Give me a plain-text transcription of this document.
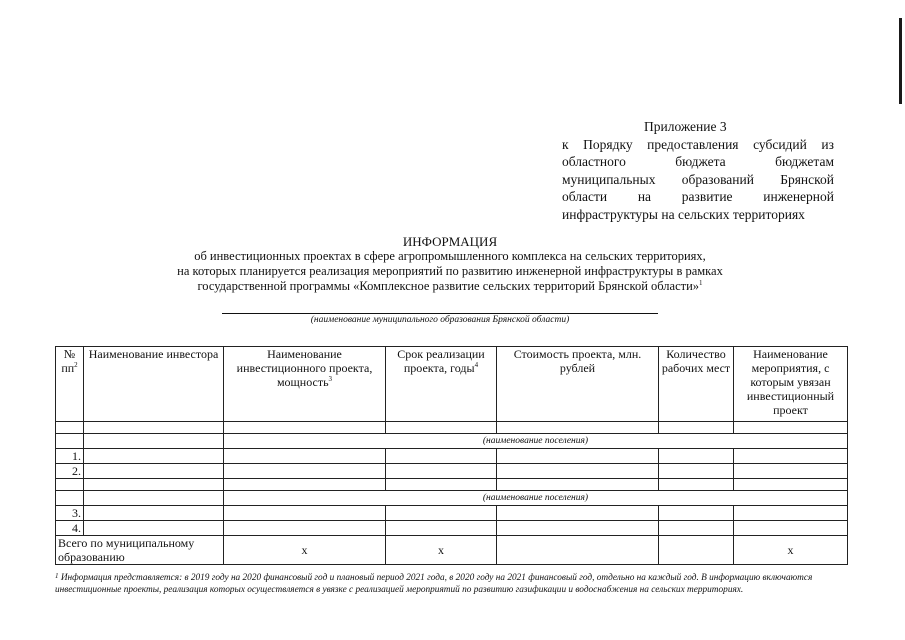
Приложение 3
к Порядку предоставления субсидий из
областного бюджета бюджетам
муниципальных образований Брянской
области на развитие инженерной
инфраструктуры на сельских территориях
ИНФОРМАЦИЯ
об инвестиционных проектах в сфере агропромышленного комплекса на сельских территориях,
на которых планируется реализация мероприятий по развитию инженерной инфраструктуры в рамках
государственной программы «Комплексное развитие сельских территорий Брянской области»$^1$
(наименование муниципального образования Брянской области)
№ $пп^2$	Наименование инвестора	Наименование инвестиционного проекта, мощность$^3$	Срок реализации проекта, годы$^4$	Стоимость проекта, млн. рублей	Количество рабочих мест	Наименование мероприятия, с которым увязан инвестиционный проект

		(наименование поселения)				
1.						
2.						

		(наименование поселения)				
3.						
4.						
Всего по муниципальному образованию		х	х			х
$^1$ Информация представляется: в 2019 году на 2020 финансовый год и плановый период 2021 года, в 2020 году на 2021 финансовый год, отдельно на каждый год. В информацию включаются инвестиционные проекты, реализация которых осуществляется в увязке с реализацией мероприятий по развитию газификации и водоснабжения на сельских территориях.
